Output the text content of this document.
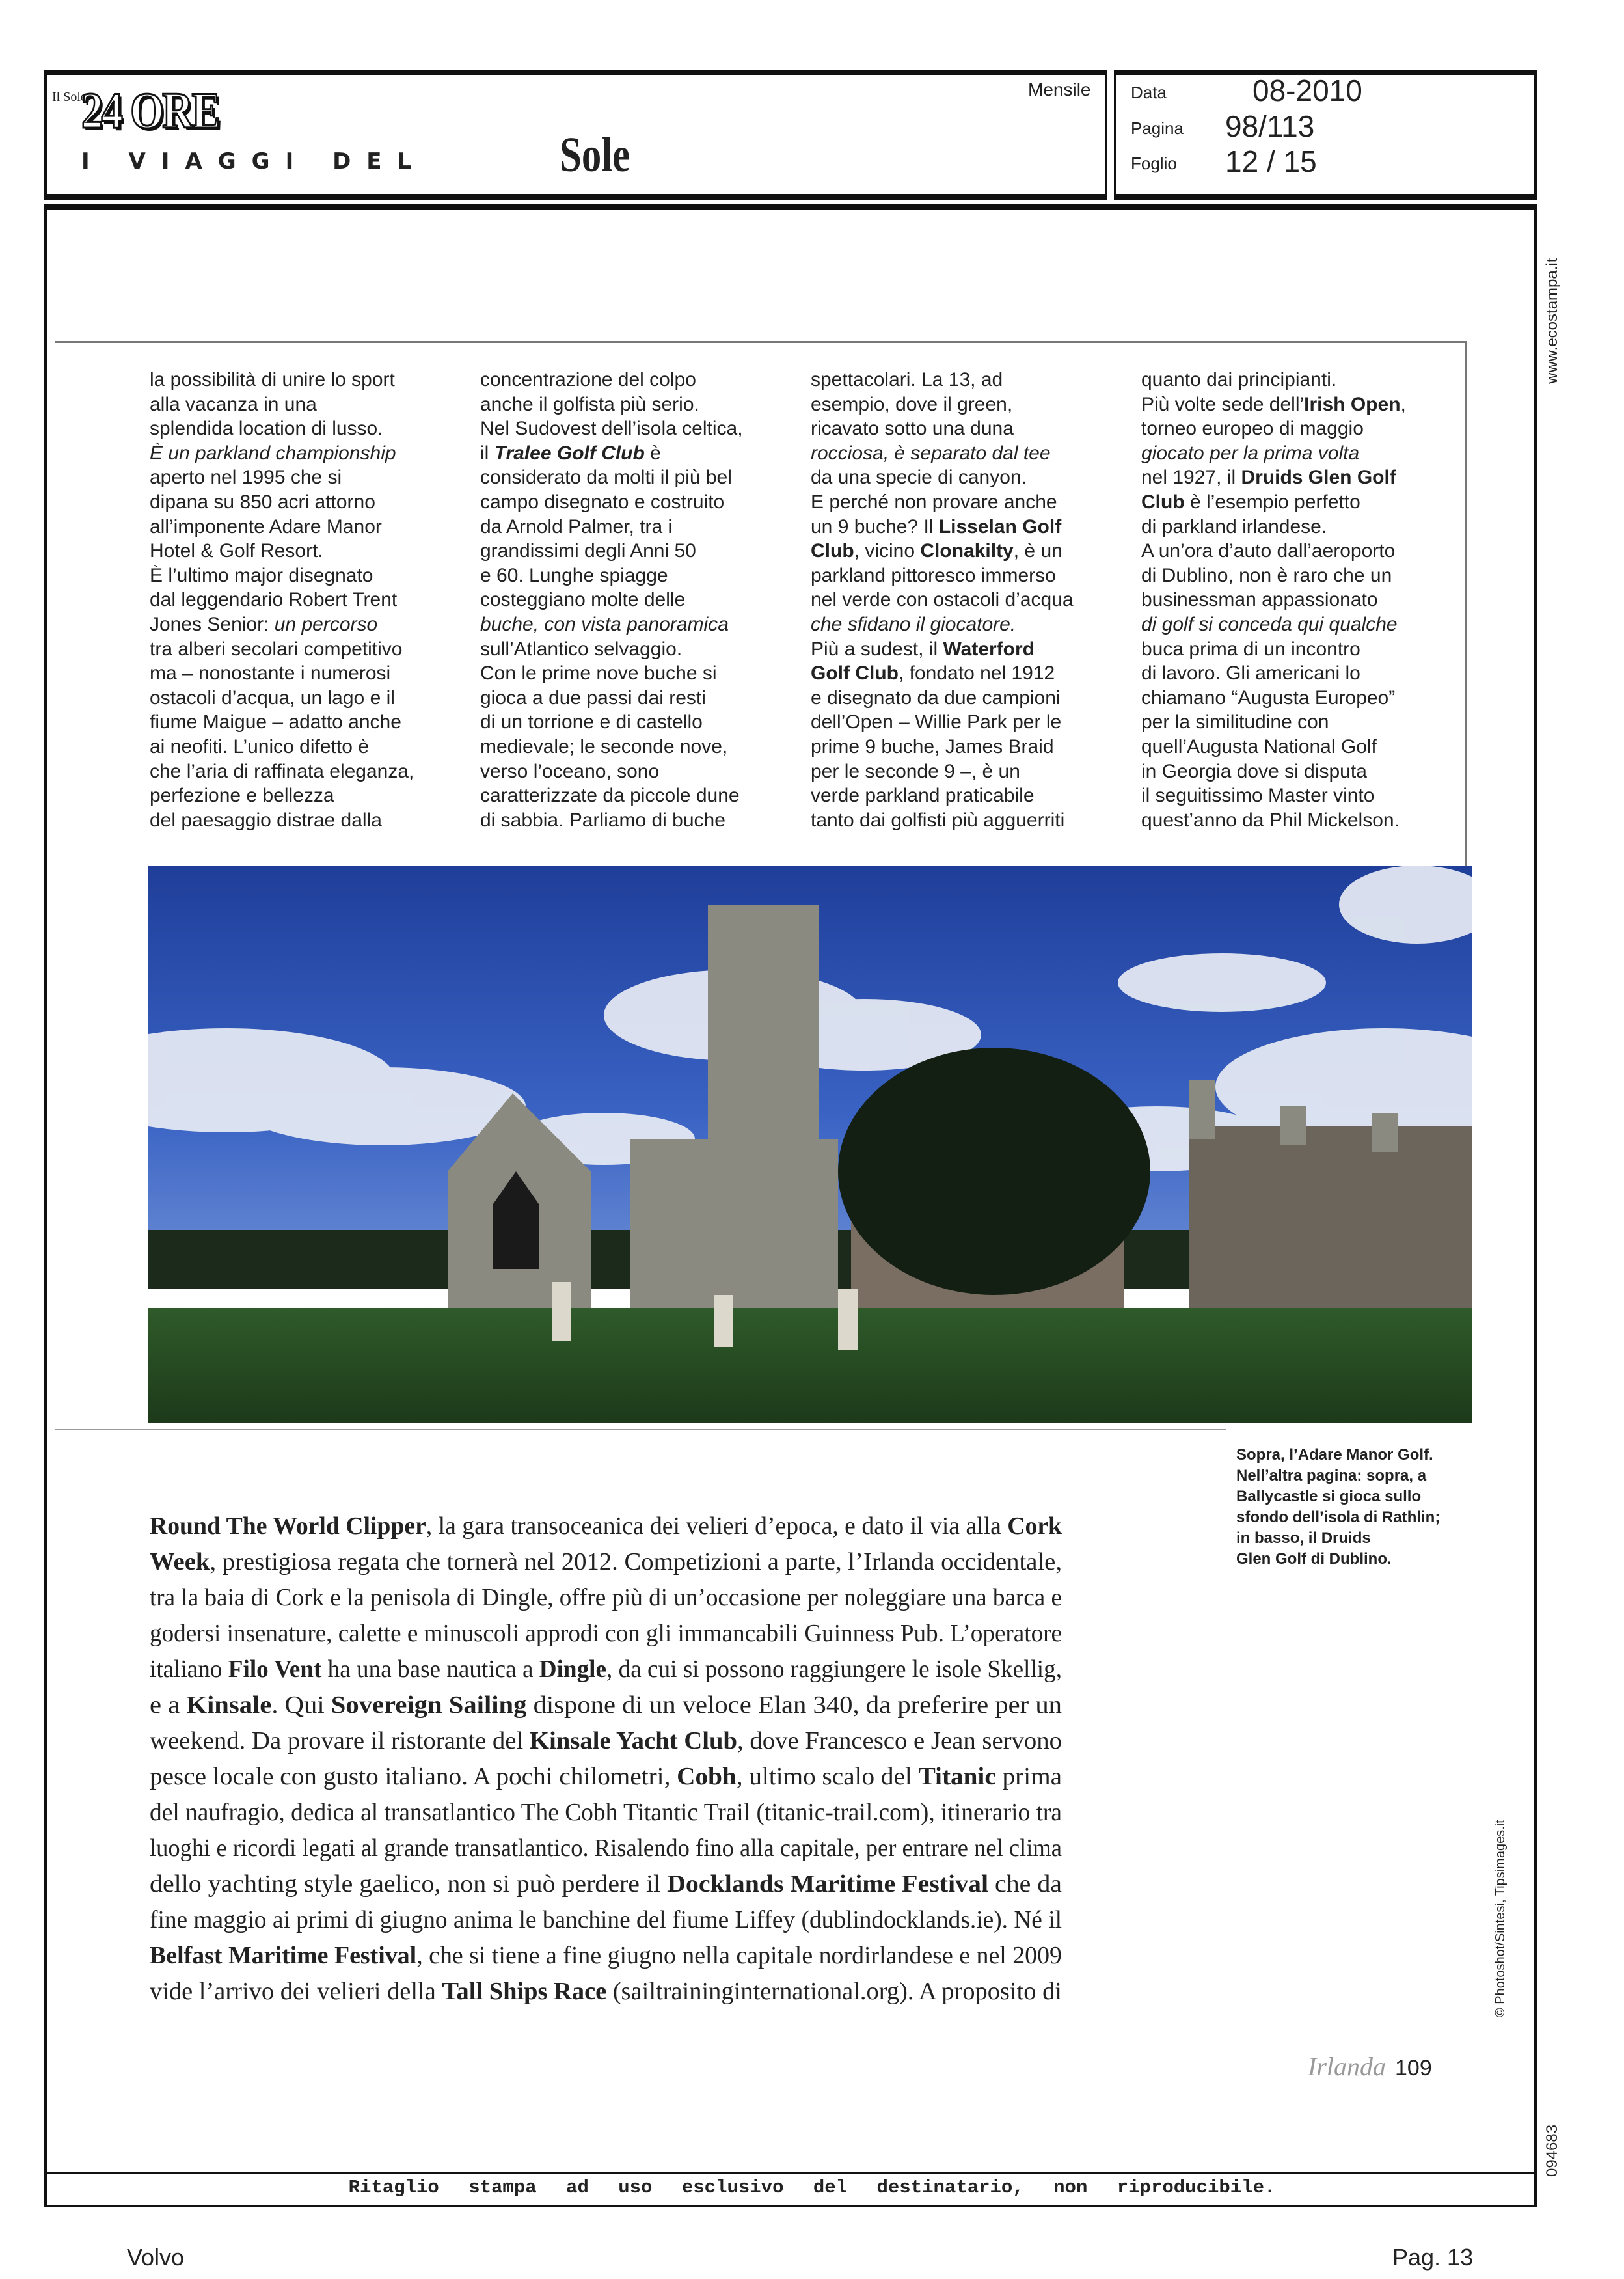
Il Sole
24 ORE
I VIAGGI DEL	Sole
Mensile Data	08-2010
Pagina 98/113
Foglio 12 / 15
la possibilità di unire lo sport
alla vacanza in una
splendida location di lusso.
È un parkland championship
aperto nel 1995 che si
dipana su 850 acri attorno
all’imponente Adare Manor
Hotel & Golf Resort.
È l’ultimo major disegnato
dal leggendario Robert Trent
Jones Senior: un percorso
tra alberi secolari competitivo
ma – nonostante i numerosi
ostacoli d’acqua, un lago e il
fiume Maigue – adatto anche
ai neofiti. L’unico difetto è
che l’aria di raffinata eleganza,
perfezione e bellezza
del paesaggio distrae dalla
concentrazione del colpo
anche il golfista più serio.
Nel Sudovest dell’isola celtica,
il Tralee Golf Club è
considerato da molti il più bel
campo disegnato e costruito
da Arnold Palmer, tra i
grandissimi degli Anni 50
e 60. Lunghe spiagge
costeggiano molte delle
buche, con vista panoramica
sull’Atlantico selvaggio.
Con le prime nove buche si
gioca a due passi dai resti
di un torrione e di castello
medievale; le seconde nove,
verso l’oceano, sono
caratterizzate da piccole dune
di sabbia. Parliamo di buche
spettacolari. La 13, ad
esempio, dove il green,
ricavato sotto una duna
rocciosa, è separato dal tee
da una specie di canyon.
E perché non provare anche
un 9 buche? Il Lisselan Golf
Club, vicino Clonakilty, è un
parkland pittoresco immerso
nel verde con ostacoli d’acqua
che sfidano il giocatore.
Più a sudest, il Waterford
Golf Club, fondato nel 1912
e disegnato da due campioni
dell’Open – Willie Park per le
prime 9 buche, James Braid
per le seconde 9 –, è un
verde parkland praticabile
tanto dai golfisti più agguerriti
quanto dai principianti.
Più volte sede dell’Irish Open,
torneo europeo di maggio
giocato per la prima volta
nel 1927, il Druids Glen Golf
Club è l’esempio perfetto
di parkland irlandese.
A un’ora d’auto dall’aeroporto
di Dublino, non è raro che un
businessman appassionato
di golf si conceda qui qualche
buca prima di un incontro
di lavoro. Gli americani lo
chiamano “Augusta Europeo”
per la similitudine con
quell’Augusta National Golf
in Georgia dove si disputa
il seguitissimo Master vinto
quest’anno da Phil Mickelson.
Sopra, l’Adare Manor Golf.
Nell’altra pagina: sopra, a
Ballycastle si gioca sullo
sfondo dell’isola di Rathlin;
in basso, il Druids
Glen Golf di Dublino.
Round The World Clipper, la gara transoceanica dei velieri d’epoca, e dato il via alla Cork
Week, prestigiosa regata che tornerà nel 2012. Competizioni a parte, l’Irlanda occidentale,
tra la baia di Cork e la penisola di Dingle, offre più di un’occasione per noleggiare una barca e
godersi insenature, calette e minuscoli approdi con gli immancabili Guinness Pub. L’operatore
italiano Filo Vent ha una base nautica a Dingle, da cui si possono raggiungere le isole Skellig,
e a Kinsale. Qui Sovereign Sailing dispone di un veloce Elan 340, da preferire per un
weekend. Da provare il ristorante del Kinsale Yacht Club, dove Francesco e Jean servono
pesce locale con gusto italiano. A pochi chilometri, Cobh, ultimo scalo del Titanic prima
del naufragio, dedica al transatlantico The Cobh Titantic Trail (titanic-trail.com), itinerario tra
luoghi e ricordi legati al grande transatlantico. Risalendo fino alla capitale, per entrare nel clima
dello yachting style gaelico, non si può perdere il Docklands Maritime Festival che da
fine maggio ai primi di giugno anima le banchine del fiume Liffey (dublindocklands.ie). Né il
Belfast Maritime Festival, che si tiene a fine giugno nella capitale nordirlandese e nel 2009
vide l’arrivo dei velieri della Tall Ships Race (sailtraininginternational.org). A proposito di
Irlanda 109
www.ecostampa.it
© Photoshot/Sintesi, Tipsimages.it
094683
Ritaglio stampa ad uso esclusivo del destinatario, non riproducibile.
Volvo	Pag. 13
